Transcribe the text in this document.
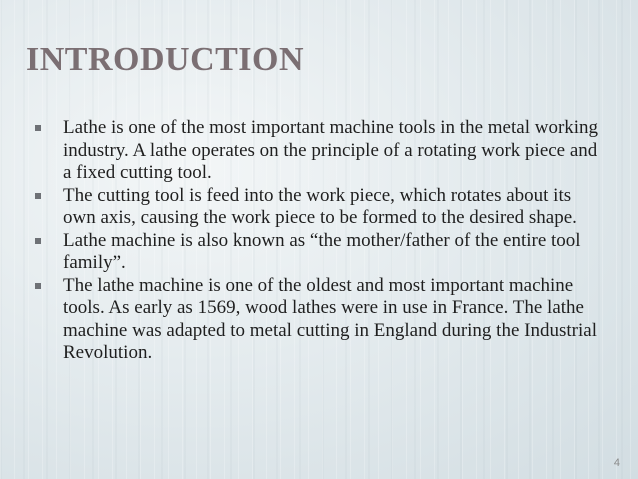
INTRODUCTION
Lathe is one of the most important machine tools in the metal working industry. A lathe operates on the principle of a rotating work piece and a fixed cutting tool.
The cutting tool is feed into the work piece, which rotates about its own axis, causing the work piece to be formed to the desired shape.
Lathe machine is also known as “the mother/father of the entire tool family”.
The lathe machine is one of the oldest and most important machine tools. As early as 1569, wood lathes were in use in France. The lathe machine was adapted to metal cutting in England during the Industrial Revolution.
4
